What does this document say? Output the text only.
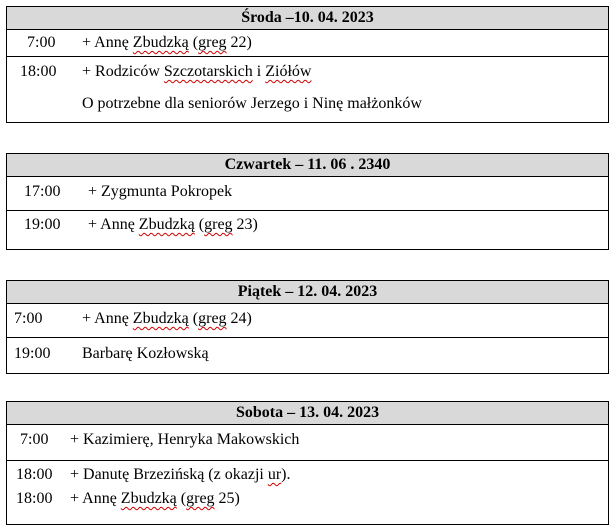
Środa –10. 04. 2023
7:00 + Annę Zbudzką (greg 22)
18:00 + Rodziców Szczotarskich i Ziółów
O potrzebne dla seniorów Jerzego i Ninę małżonków
Czwartek – 11. 06 . 2340
17:00 + Zygmunta Pokropek
19:00 + Annę Zbudzką (greg 23)
Piątek – 12. 04. 2023
7:00 + Annę Zbudzką (greg 24)
19:00 Barbarę Kozłowską
Sobota – 13. 04. 2023
7:00 + Kazimierę, Henryka Makowskich
18:00 + Danutę Brzezińską (z okazji ur).
18:00 + Annę Zbudzką (greg 25)
